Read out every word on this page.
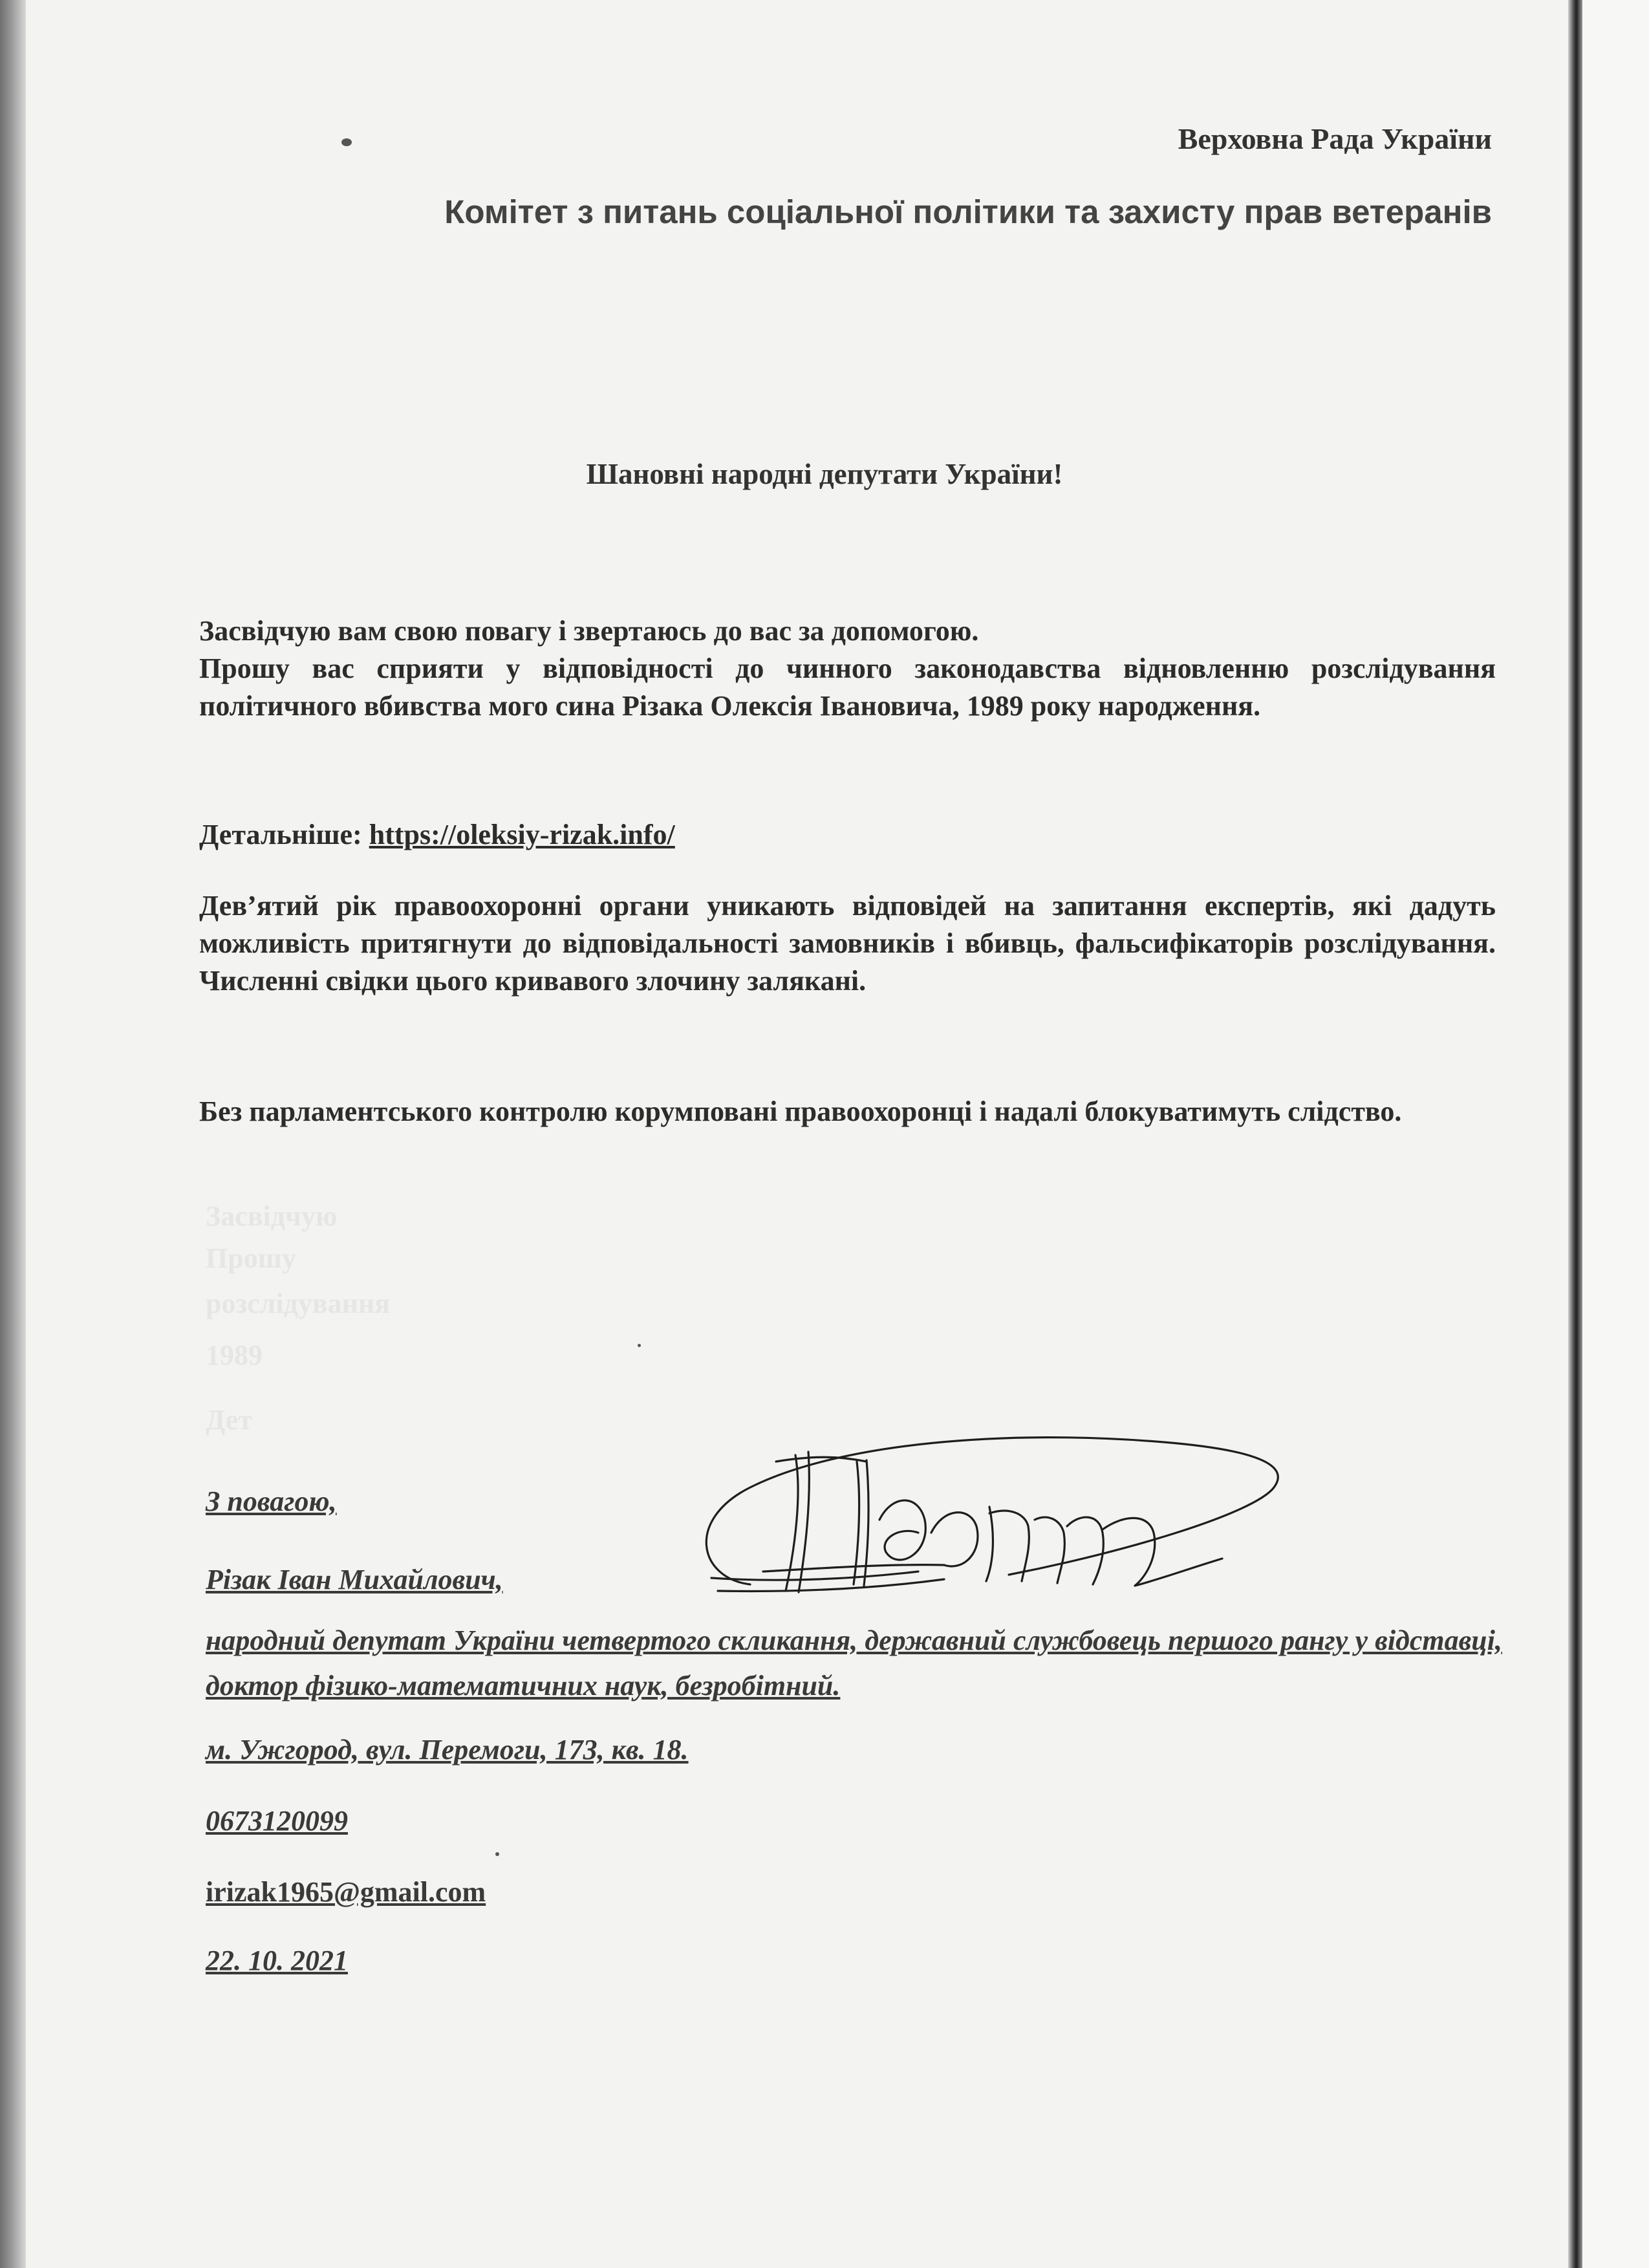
Засвідчую
Прошу
розслідування
1989
Дет
Верховна Рада України
Комітет з питань соціальної політики та захисту прав ветеранів
Шановні народні депутати України!
Засвідчую вам свою повагу і звертаюсь до вас за допомогою.
Прошу вас сприяти у відповідності до чинного законодавства відновленню розслідування політичного вбивства мого сина Різака Олексія Івановича, 1989 року народження.
Детальніше: https://oleksiy-rizak.info/
Дев’ятий рік правоохоронні органи уникають відповідей на запитання експертів, які дадуть можливість притягнути до відповідальності замовників і вбивць, фальсифікаторів розслідування. Численні свідки цього кривавого злочину залякані.
Без парламентського контролю корумповані правоохоронці і надалі блокуватимуть слідство.
З повагою,
Різак Іван Михайлович,
народний депутат України четвертого скликання, державний службовець першого рангу у відставці, доктор фізико-математичних наук, безробітний.
м. Ужгород, вул. Перемоги, 173, кв. 18.
0673120099
irizak1965@gmail.com
22. 10. 2021
